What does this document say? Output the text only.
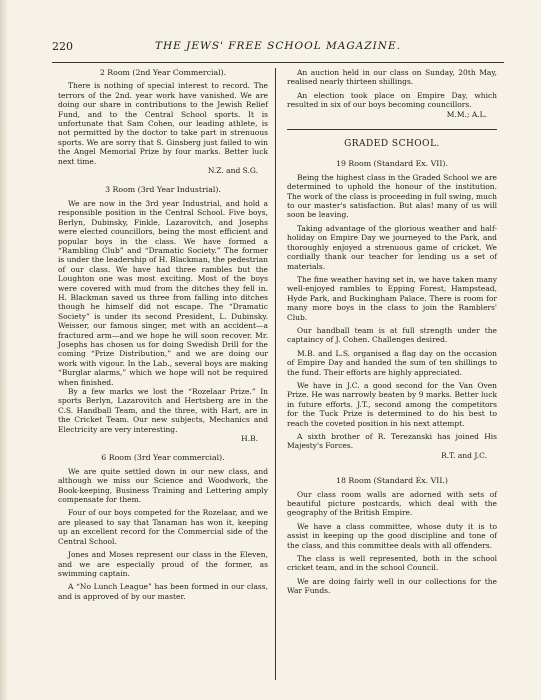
220	THE JEWS' FREE SCHOOL MAGAZINE.

2 Room (2nd Year Commercial).

There is nothing of special interest to record. The terrors of the 2nd. year work have vanished. We are doing our share in contributions to the Jewish Relief Fund, and to the Central School sports. It is unfortunate that Sam Cohen, our leading athlete, is not permitted by the doctor to take part in strenuous sports. We are sorry that S. Ginsberg just failed to win the Angel Memorial Prize by four marks. Better luck next time.

N.Z. and S.G.

3 Room (3rd Year Industrial).

We are now in the 3rd year Industrial, and hold a responsible position in the Central School. Five boys, Berlyn, Dubinsky, Finkle, Lazarovitch, and Josephs were elected councillors, being the most efficient and popular boys in the class. We have formed a “Rambling Club” and “Dramatic Society.” The former is under the leadership of H. Blackman, the pedestrian of our class. We have had three rambles but the Loughton one was most exciting. Most of the boys were covered with mud from the ditches they fell in. H. Blackman saved us three from falling into ditches though he himself did not escape. The “Dramatic Society” is under its second President, L. Dubinsky. Weisser, our famous singer, met with an accident—a fractured arm—and we hope he will soon recover. Mr. Josephs has chosen us for doing Swedish Drill for the coming “Prize Distribution,” and we are doing our work with vigour. In the Lab., several boys are making “Burglar alarms,” which we hope will not be required when finished.

By a few marks we lost the “Rozelaar Prize.” In sports Berlyn, Lazarovitch and Hertsberg are in the C.S. Handball Team, and the three, with Hart, are in the Cricket Team. Our new subjects, Mechanics and Electricity are very interesting.

H.B.

6 Room (3rd Year commercial).

We are quite settled down in our new class, and although we miss our Science and Woodwork, the Book-keeping, Business Training and Lettering amply compensate for them.

Four of our boys competed for the Rozelaar, and we are pleased to say that Tanaman has won it, keeping up an excellent record for the Commercial side of the Central School.

Jones and Moses represent our class in the Eleven, and we are especially proud of the former, as swimming captain.

A “No Lunch League” has been formed in our class, and is approved of by our master.

An auction held in our class on Sunday, 20th May, realised nearly thirteen shillings.

An election took place on Empire Day, which resulted in six of our boys becoming councillors.

M.M.; A.L.

GRADED SCHOOL.

19 Room (Standard Ex. VII).

Being the highest class in the Graded School we are determined to uphold the honour of the institution. The work of the class is proceeding in full swing, much to our master's satisfaction. But alas! many of us will soon be leaving.

Taking advantage of the glorious weather and half-holiday on Empire Day we journeyed to the Park, and thoroughly enjoyed a strenuous game of cricket. We cordially thank our teacher for lending us a set of materials.

The fine weather having set in, we have taken many well-enjoyed rambles to Epping Forest, Hampstead, Hyde Park, and Buckingham Palace. There is room for many more boys in the class to join the Ramblers' Club.

Our handball team is at full strength under the captaincy of J. Cohen. Challenges desired.

M.B. and L.S. organised a flag day on the occasion of Empire Day and handed the sum of ten shillings to the fund. Their efforts are highly appreciated.

We have in J.C. a good second for the Van Oven Prize. He was narrowly beaten by 9 marks. Better luck in future efforts. J.T., second among the competitors for the Tuck Prize is determined to do his best to reach the coveted position in his next attempt.

A sixth brother of R. Terezanski has joined His Majesty's Forces.

R.T. and J.C.

18 Room (Standard Ex. VII.)

Our class room walls are adorned with sets of beautiful picture postcards, which deal with the geography of the British Empire.

We have a class committee, whose duty it is to assist in keeping up the good discipline and tone of the class, and this committee deals with all offenders.

The class is well represented, both in the school cricket team, and in the school Council.

We are doing fairly well in our collections for the War Funds.
